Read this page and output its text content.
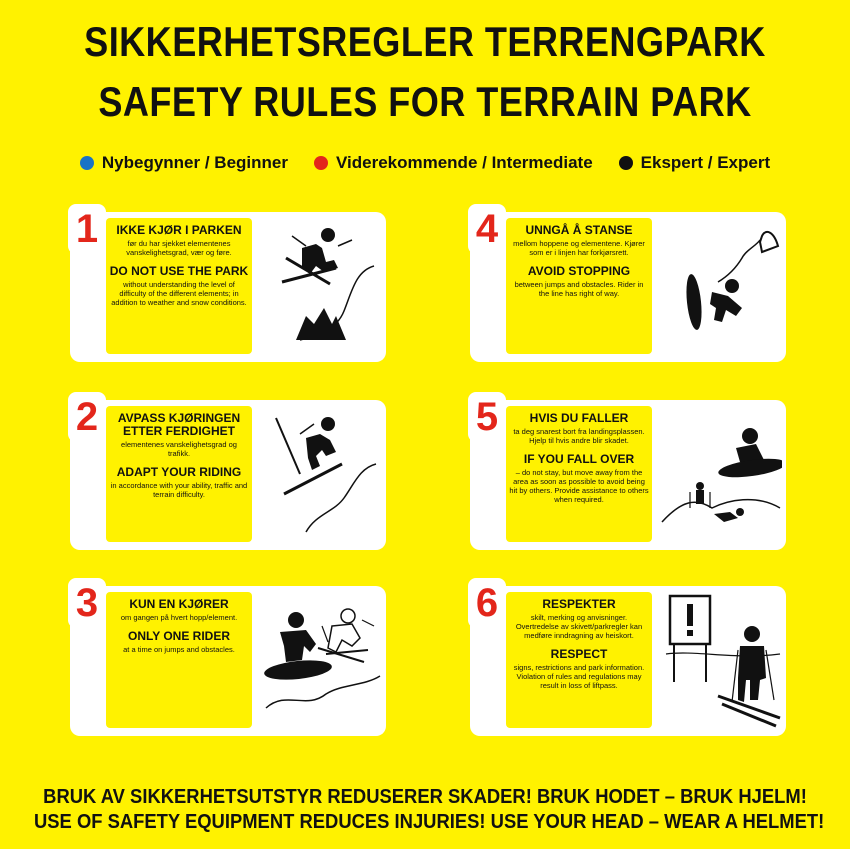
SIKKERHETSREGLER TERRENGPARK
SAFETY RULES FOR TERRAIN PARK
Nybegynner / Beginner	Viderekommende / Intermediate	Ekspert / Expert
1	IKKE KJØR I PARKEN
før du har sjekket elementenes vanskelighetsgrad, vær og føre.
DO NOT USE THE PARK
without understanding the level of difficulty of the different elements; in addition to weather and snow conditions.
4	UNNGÅ Å STANSE
mellom hoppene og elementene. Kjører som er i linjen har forkjørsrett.
AVOID STOPPING
between jumps and obstacles. Rider in the line has right of way.
2	AVPASS KJØRINGEN ETTER FERDIGHET
elementenes vanskelighetsgrad og trafikk.
ADAPT YOUR RIDING
in accordance with your ability, traffic and terrain difficulty.
5	HVIS DU FALLER
ta deg snarest bort fra landingsplassen. Hjelp til hvis andre blir skadet.
IF YOU FALL OVER
– do not stay, but move away from the area as soon as possible to avoid being hit by others. Provide assistance to others when required.
3	KUN EN KJØRER
om gangen på hvert hopp/element.
ONLY ONE RIDER
at a time on jumps and obstacles.
6	RESPEKTER
skilt, merking og anvisninger. Overtredelse av skivett/parkregler kan medføre inndragning av heiskort.
RESPECT
signs, restrictions and park information. Violation of rules and regulations may result in loss of liftpass.
BRUK AV SIKKERHETSUTSTYR REDUSERER SKADER! BRUK HODET – BRUK HJELM!
USE OF SAFETY EQUIPMENT REDUCES INJURIES! USE YOUR HEAD – WEAR A HELMET!
